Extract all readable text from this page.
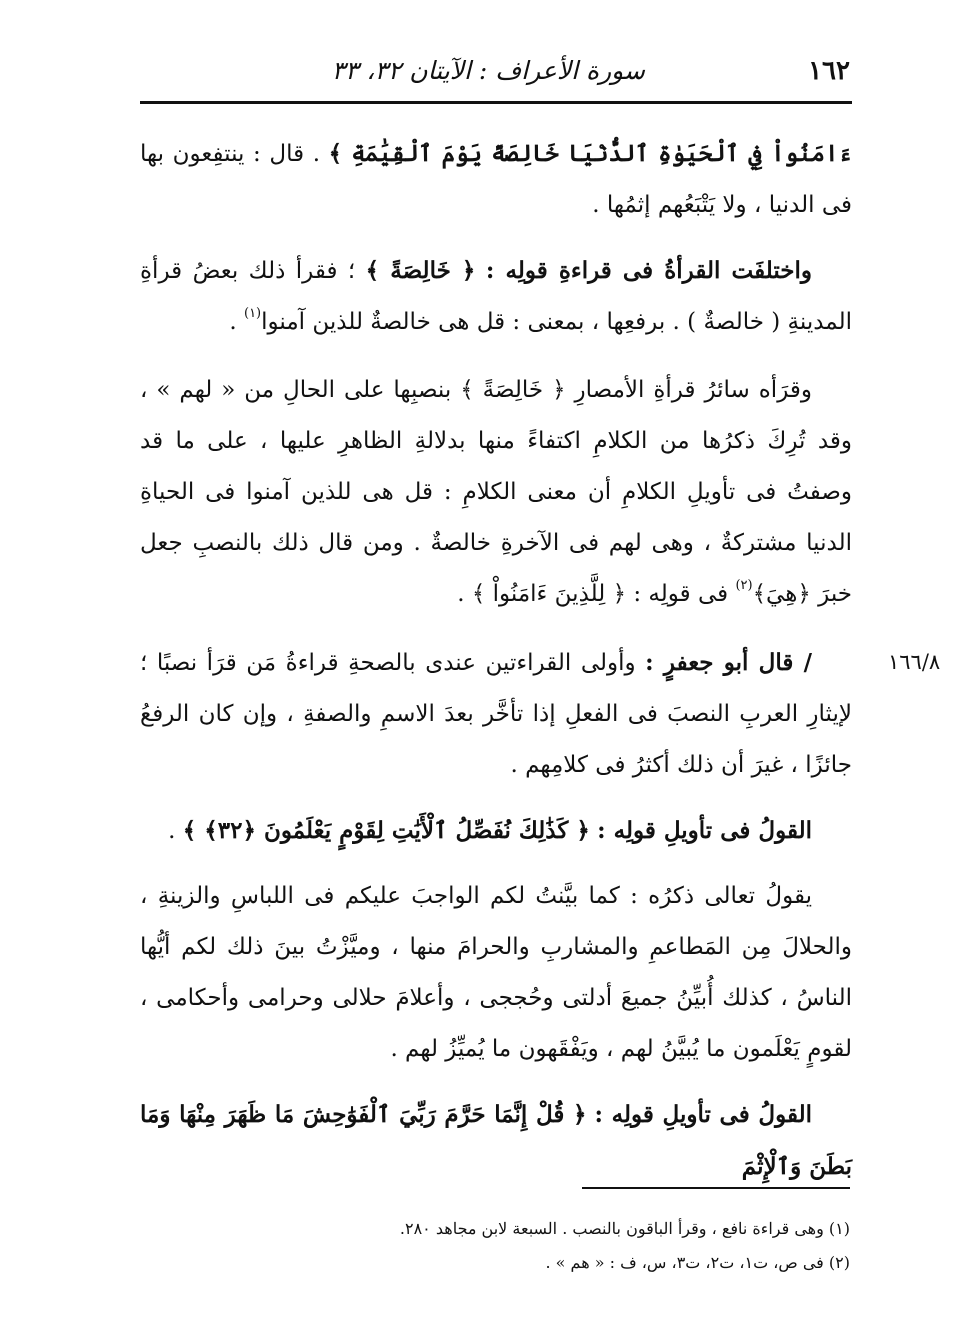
١٦٢
سورة الأعراف : الآيتان ٣٢، ٣٣
١٦٦/٨

ءَامَنُواْ فِي ٱلْحَيَوٰةِ ٱلدُّنْيَا خَالِصَةً يَوْمَ ٱلْقِيَٰمَةِ ﴾ . قال : ينتفِعون بها فى الدنيا ، ولا يَتْبَعُهم إثمُها .

واختلفَت القرأةُ فى قراءةِ قولِه : ﴿ خَالِصَةً ﴾ ؛ فقرأ ذلك بعضُ قرأةِ المدينةِ ( خالصةٌ ) . برفعِها ، بمعنى : قل هى خالصةٌ للذين آمنوا$^{(١)}$ .

وقرَأه سائرُ قرأةِ الأمصارِ ﴿ خَالِصَةً ﴾ بنصبِها على الحالِ من « لهم » ، وقد تُرِكَ ذكرُها من الكلامِ اكتفاءً منها بدلالةِ الظاهرِ عليها ، على ما قد وصفتُ فى تأويلِ الكلامِ أن معنى الكلامِ : قل هى للذين آمنوا فى الحياةِ الدنيا مشتركةٌ ، وهى لهم فى الآخرةِ خالصةٌ . ومن قال ذلك بالنصبِ جعل خبرَ ﴿هِيَ﴾$^{(٢)}$ فى قولِه : ﴿ لِلَّذِينَ ءَامَنُواْ ﴾ .

/ قال أبو جعفرٍ : وأولى القراءتين عندى بالصحةِ قراءةُ مَن قرَأ نصبًا ؛ لإيثارِ العربِ النصبَ فى الفعلِ إذا تأخَّر بعدَ الاسمِ والصفةِ ، وإن كان الرفعُ جائزًا ، غيرَ أن ذلك أكثرُ فى كلامِهم .

القولُ فى تأويلِ قولِه : ﴿ كَذَٰلِكَ نُفَصِّلُ ٱلْأَيَٰتِ لِقَوْمٍ يَعْلَمُونَ ﴿٣٢﴾ ﴾ .

يقولُ تعالى ذكرُه : كما بيَّنتُ لكم الواجبَ عليكم فى اللباسِ والزينةِ ، والحلالَ مِن المَطاعمِ والمشاربِ والحرامَ منها ، وميَّزْتُ بينَ ذلك لكم أيُّها الناسُ ، كذلك أُبيِّنُ جميعَ أدلتى وحُججى ، وأعلامَ حلالى وحرامى وأحكامى ، لقومٍ يَعْلَمون ما يُبيَّنُ لهم ، ويَفْقَهون ما يُميِّزُ لهم .

القولُ فى تأويلِ قولِه : ﴿ قُلْ إِنَّمَا حَرَّمَ رَبِّيَ ٱلْفَوَٰحِشَ مَا ظَهَرَ مِنْهَا وَمَا بَطَنَ وَٱلْإِثْمَ

(١) وهى قراءة نافع ، وقرأ الباقون بالنصب . السبعة لابن مجاهد ٢٨٠.

(٢) فى ص، ت١، ت٢، ت٣، س، ف : « هم » .
